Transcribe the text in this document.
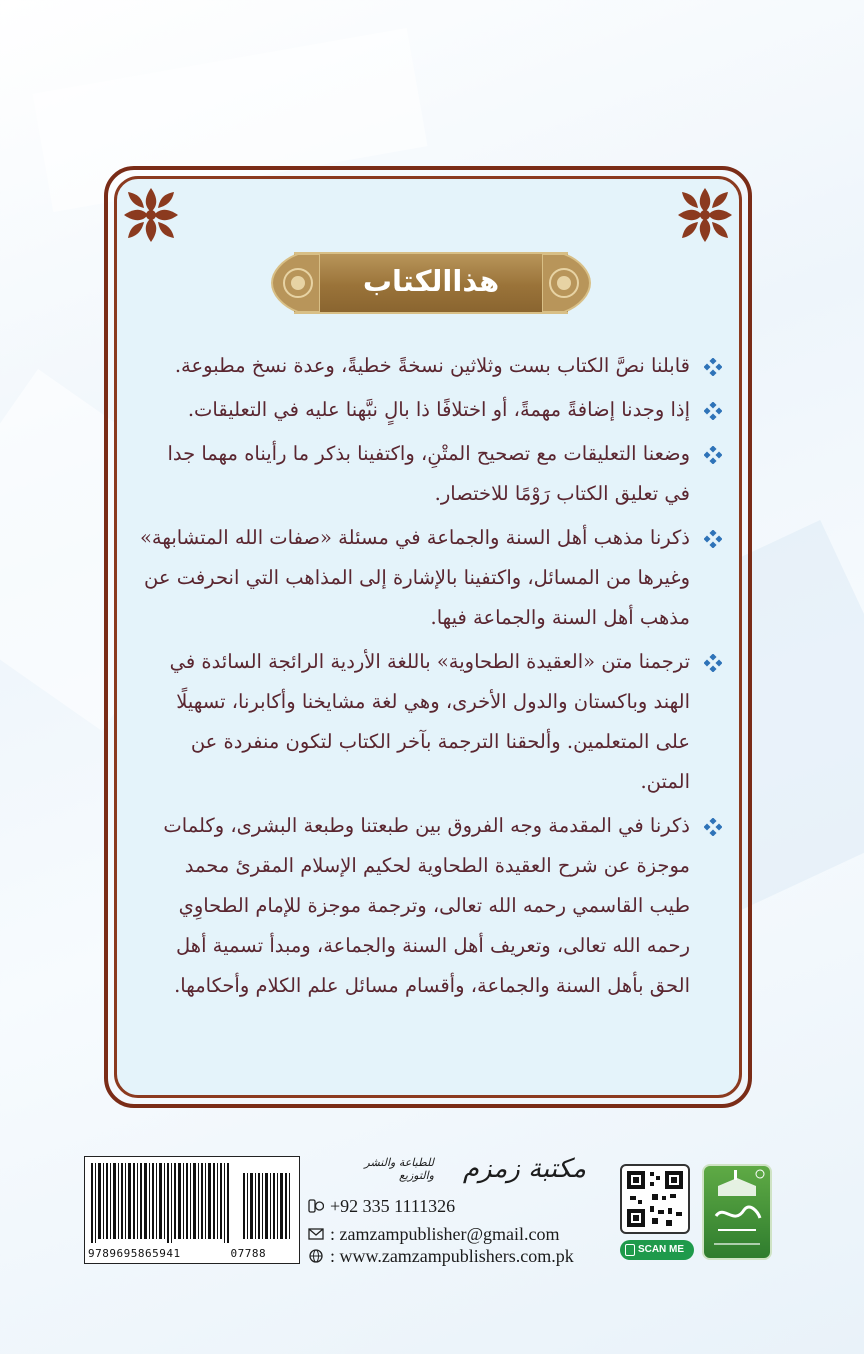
هذاالكتاب
قابلنا نصَّ الكتاب بست وثلاثين نسخةً خطيةً، وعدة نسخ مطبوعة.
إذا وجدنا إضافةً مهمةً، أو اختلافًا ذا بالٍ نبَّهنا عليه في التعليقات.
وضعنا التعليقات مع تصحيح المتْنِ، واكتفينا بذكر ما رأيناه مهما جدا في تعليق الكتاب رَوْمًا للاختصار.
ذكرنا مذهب أهل السنة والجماعة في مسئلة «صفات الله المتشابهة» وغيرها من المسائل، واكتفينا بالإشارة إلى المذاهب التي انحرفت عن مذهب أهل السنة والجماعة فيها.
ترجمنا متن «العقيدة الطحاوية» باللغة الأردية الرائجة السائدة في الهند وباكستان والدول الأخرى، وهي لغة مشايخنا وأكابرنا، تسهيلًا على المتعلمين. وألحقنا الترجمة بآخر الكتاب لتكون منفردة عن المتن.
ذكرنا في المقدمة وجه الفروق بين طبعتنا وطبعة البشرى، وكلمات موجزة عن شرح العقيدة الطحاوية لحكيم الإسلام المقرئ محمد طيب القاسمي رحمه الله تعالى، وترجمة موجزة للإمام الطحاوِي رحمه الله تعالى، وتعريف أهل السنة والجماعة، ومبدأ تسمية أهل الحق بأهل السنة والجماعة، وأقسام مسائل علم الكلام وأحكامها.
9789695865941	07788
مكتبة زمزم
للطباعة والنشر والتوزيع
+92 335 1111326
: zamzampublisher@gmail.com
: www.zamzampublishers.com.pk	SCAN ME
